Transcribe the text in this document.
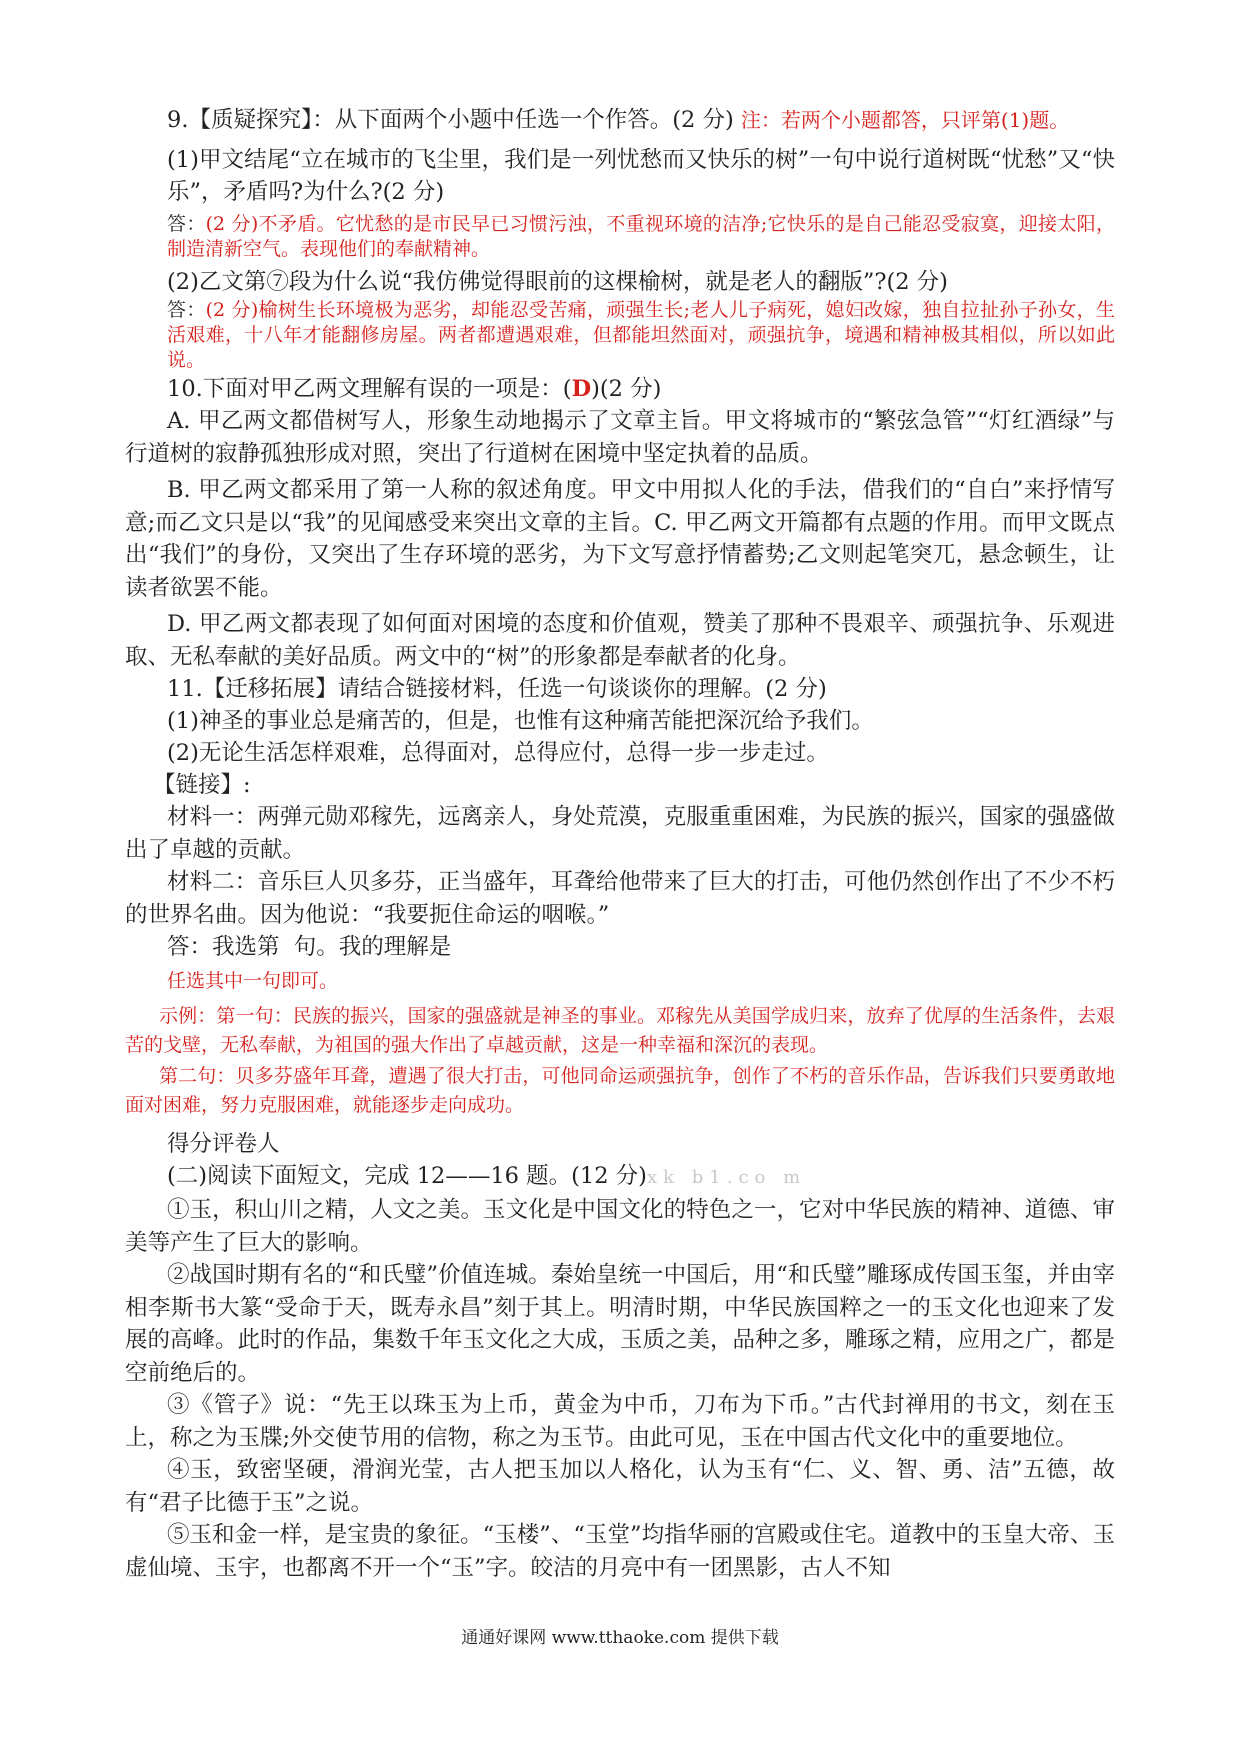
9.【质疑探究】：从下面两个小题中任选一个作答。(2 分) 注：若两个小题都答，只评第(1)题。

(1)甲文结尾“立在城市的飞尘里，我们是一列忧愁而又快乐的树”一句中说行道树既“忧愁”又“快乐”，矛盾吗?为什么?(2 分)

答：(2 分)不矛盾。它忧愁的是市民早已习惯污浊，不重视环境的洁净;它快乐的是自己能忍受寂寞，迎接太阳，制造清新空气。表现他们的奉献精神。

(2)乙文第⑦段为什么说“我仿佛觉得眼前的这棵榆树，就是老人的翻版”?(2 分)

答：(2 分)榆树生长环境极为恶劣，却能忍受苦痛，顽强生长;老人儿子病死，媳妇改嫁，独自拉扯孙子孙女，生活艰难，十八年才能翻修房屋。两者都遭遇艰难，但都能坦然面对，顽强抗争，境遇和精神极其相似，所以如此说。

10.下面对甲乙两文理解有误的一项是：(D)(2 分)

A. 甲乙两文都借树写人，形象生动地揭示了文章主旨。甲文将城市的“繁弦急管”“灯红酒绿”与行道树的寂静孤独形成对照，突出了行道树在困境中坚定执着的品质。

B. 甲乙两文都采用了第一人称的叙述角度。甲文中用拟人化的手法，借我们的“自白”来抒情写意;而乙文只是以“我”的见闻感受来突出文章的主旨。C. 甲乙两文开篇都有点题的作用。而甲文既点出“我们”的身份，又突出了生存环境的恶劣，为下文写意抒情蓄势;乙文则起笔突兀，悬念顿生，让读者欲罢不能。

D. 甲乙两文都表现了如何面对困境的态度和价值观，赞美了那种不畏艰辛、顽强抗争、乐观进取、无私奉献的美好品质。两文中的“树”的形象都是奉献者的化身。

11.【迁移拓展】请结合链接材料，任选一句谈谈你的理解。(2 分)

(1)神圣的事业总是痛苦的，但是，也惟有这种痛苦能把深沉给予我们。

(2)无论生活怎样艰难，总得面对，总得应付，总得一步一步走过。

【链接】:

材料一：两弹元勋邓稼先，远离亲人，身处荒漠，克服重重困难，为民族的振兴，国家的强盛做出了卓越的贡献。

材料二：音乐巨人贝多芬，正当盛年，耳聋给他带来了巨大的打击，可他仍然创作出了不少不朽的世界名曲。因为他说：“我要扼住命运的咽喉。”

答：我选第  句。我的理解是

任选其中一句即可。

示例：第一句：民族的振兴，国家的强盛就是神圣的事业。邓稼先从美国学成归来，放弃了优厚的生活条件，去艰苦的戈壁，无私奉献，为祖国的强大作出了卓越贡献，这是一种幸福和深沉的表现。

第二句：贝多芬盛年耳聋，遭遇了很大打击，可他同命运顽强抗争，创作了不朽的音乐作品，告诉我们只要勇敢地面对困难，努力克服困难，就能逐步走向成功。

得分评卷人

(二)阅读下面短文，完成 12——16 题。(12 分)xk b1.co m

①玉，积山川之精，人文之美。玉文化是中国文化的特色之一，它对中华民族的精神、道德、审美等产生了巨大的影响。

②战国时期有名的“和氏璧”价值连城。秦始皇统一中国后，用“和氏璧”雕琢成传国玉玺，并由宰相李斯书大篆“受命于天，既寿永昌”刻于其上。明清时期，中华民族国粹之一的玉文化也迎来了发展的高峰。此时的作品，集数千年玉文化之大成，玉质之美，品种之多，雕琢之精，应用之广，都是空前绝后的。

③《管子》说：“先王以珠玉为上币，黄金为中币，刀布为下币。”古代封禅用的书文，刻在玉上，称之为玉牒;外交使节用的信物，称之为玉节。由此可见，玉在中国古代文化中的重要地位。

④玉，致密坚硬，滑润光莹，古人把玉加以人格化，认为玉有“仁、义、智、勇、洁”五德，故有“君子比德于玉”之说。

⑤玉和金一样，是宝贵的象征。“玉楼”、“玉堂”均指华丽的宫殿或住宅。道教中的玉皇大帝、玉虚仙境、玉宇，也都离不开一个“玉”字。皎洁的月亮中有一团黑影，古人不知

通通好课网 www.tthaoke.com 提供下载
